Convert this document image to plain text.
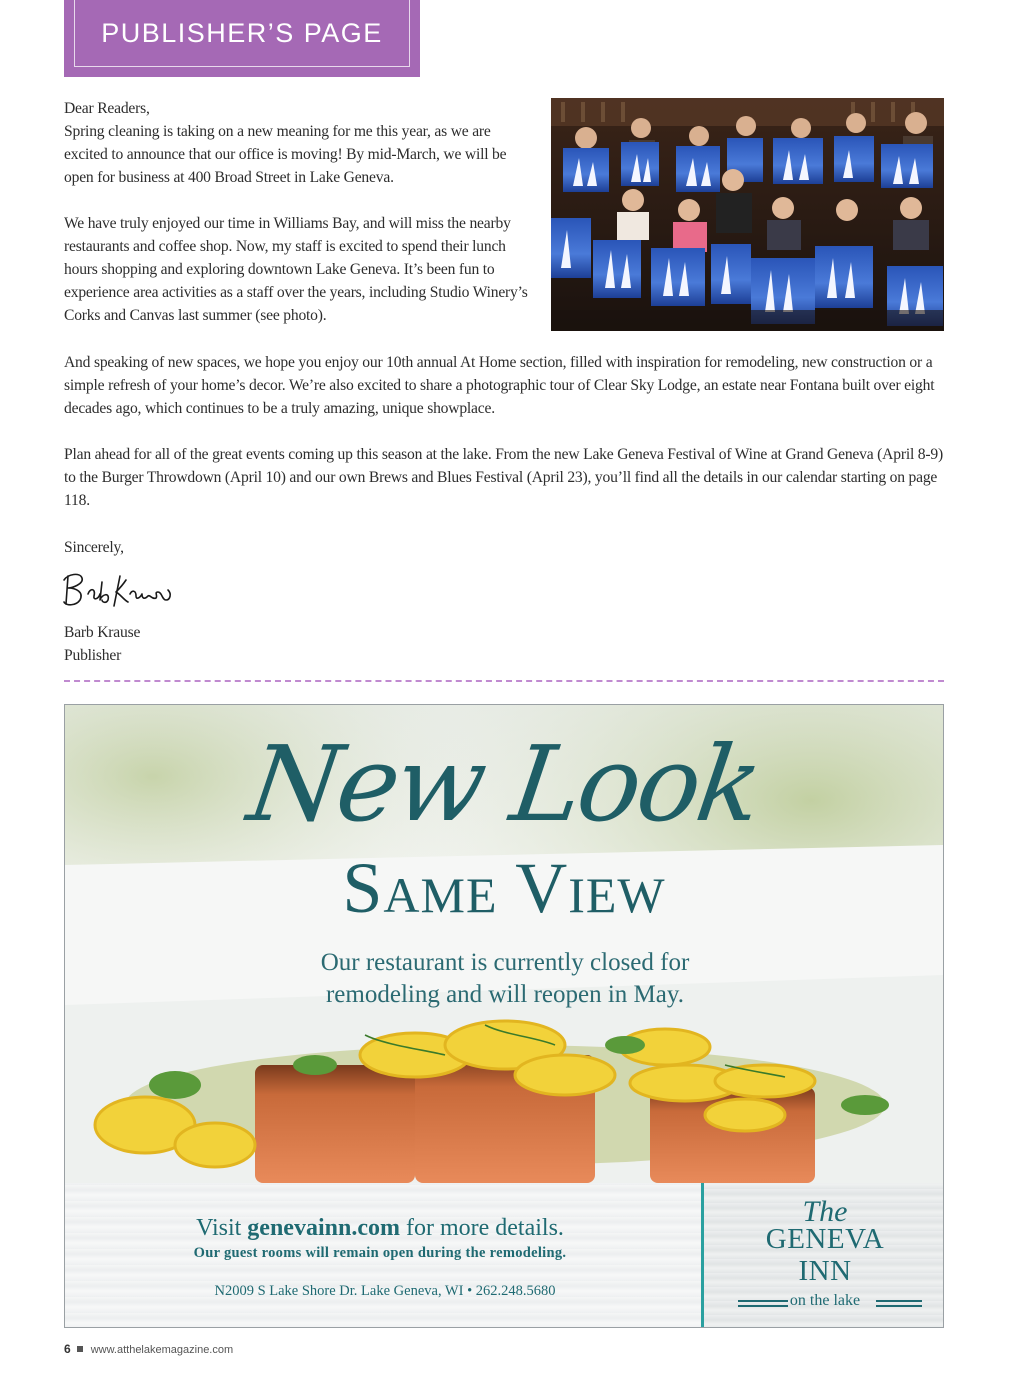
PUBLISHER’S PAGE

Dear Readers,

Spring cleaning is taking on a new meaning for me this year, as we are excited to announce that our office is moving! By mid-March, we will be open for business at 400 Broad Street in Lake Geneva.

We have truly enjoyed our time in Williams Bay, and will miss the nearby restaurants and coffee shop. Now, my staff is excited to spend their lunch hours shopping and exploring downtown Lake Geneva. It’s been fun to experience area activities as a staff over the years, including Studio Winery’s Corks and Canvas last summer (see photo).

And speaking of new spaces, we hope you enjoy our 10th annual At Home section, filled with inspiration for remodeling, new construction or a simple refresh of your home’s decor. We’re also excited to share a photographic tour of Clear Sky Lodge, an estate near Fontana built over eight decades ago, which continues to be a truly amazing, unique showplace.

Plan ahead for all of the great events coming up this season at the lake. From the new Lake Geneva Festival of Wine at Grand Geneva (April 8-9) to the Burger Throwdown (April 10) and our own Brews and Blues Festival (April 23), you’ll find all the details in our calendar starting on page 118.

Sincerely,
Barb Krause
Publisher
New Look
Same View
Our restaurant is currently closed for
remodeling and will reopen in May.
Visit genevainn.com for more details.
Our guest rooms will remain open during the remodeling.
N2009 S Lake Shore Dr. Lake Geneva, WI • 262.248.5680
The
GENEVA
INN
on the lake
6 www.atthelakemagazine.com
